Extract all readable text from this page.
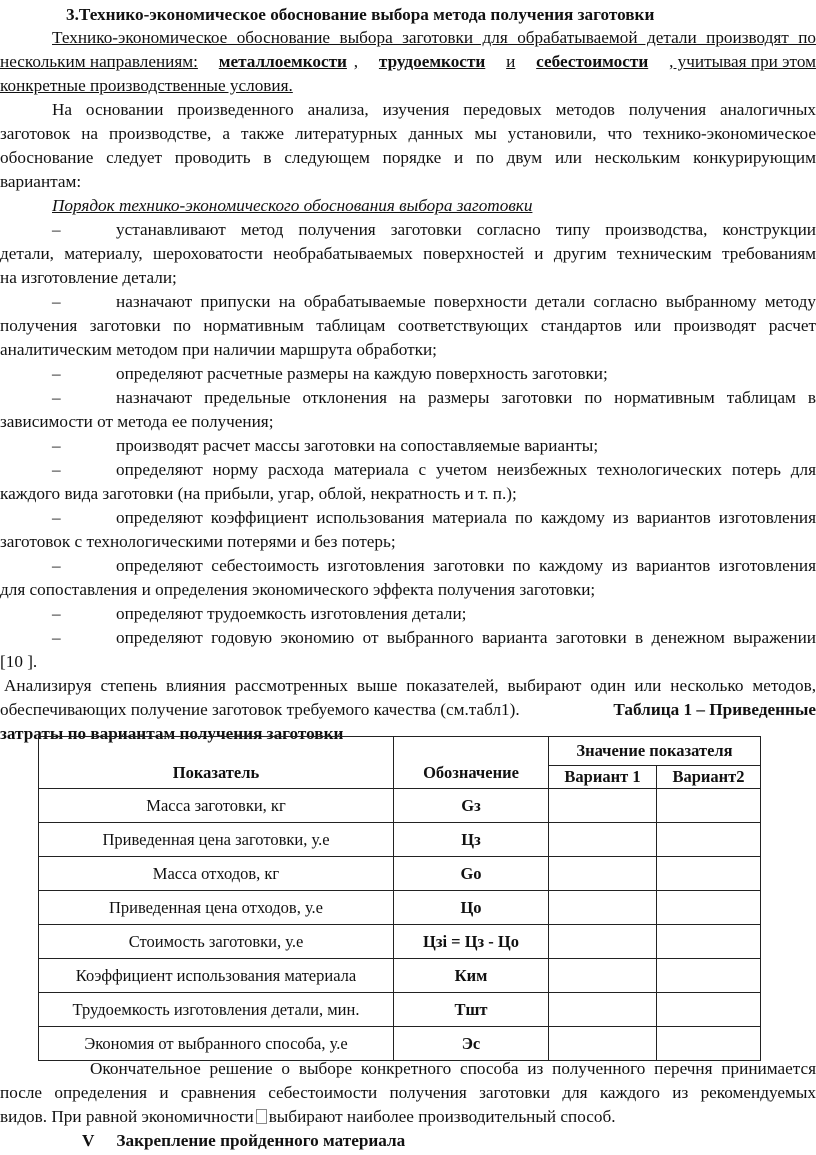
3.Технико-экономическое обоснование выбора метода получения заготовки
Технико-экономическое обоснование выбора заготовки для обрабатываемой детали производят по
нескольким направлениям: металлоемкости , трудоемкости и себестоимости , учитывая при этом
конкретные производственные условия.
На основании произведенного анализа, изучения передовых методов получения аналогичных
заготовок на производстве, а также литературных данных мы установили, что технико-экономическое
обоснование следует проводить в следующем порядке и по двум или нескольким конкурирующим
вариантам:
Порядок технико-экономического обоснования выбора заготовки
–	устанавливают метод получения заготовки согласно типу производства, конструкции
детали, материалу, шероховатости необрабатываемых поверхностей и другим техническим требованиям
на изготовление детали;
–	назначают припуски на обрабатываемые поверхности детали согласно выбранному методу
получения заготовки по нормативным таблицам соответствующих стандартов или производят расчет
аналитическим методом при наличии маршрута обработки;
–	определяют расчетные размеры на каждую поверхность заготовки;
–	назначают предельные отклонения на размеры заготовки по нормативным таблицам в
зависимости от метода ее получения;
–	производят расчет массы заготовки на сопоставляемые варианты;
–	определяют норму расхода материала с учетом неизбежных технологических потерь для
каждого вида заготовки (на прибыли, угар, облой, некратность и т. п.);
–	определяют коэффициент использования материала по каждому из вариантов изготовления
заготовок с технологическими потерями и без потерь;
–	определяют себестоимость изготовления заготовки по каждому из вариантов изготовления
для сопоставления и определения экономического эффекта получения заготовки;
–	определяют трудоемкость изготовления детали;
–	определяют годовую экономию от выбранного варианта заготовки в денежном выражении
[10 ].
Анализируя степень влияния рассмотренных выше показателей, выбирают один или несколько методов,
обеспечивающих получение заготовок требуемого качества (см.табл1).	Таблица 1 – Приведенные
затраты по вариантам получения заготовки
Показатель	Обозначение	Значение показателя	
		Вариант 1	Вариант2
Масса заготовки, кг	Gз		
Приведенная цена заготовки, у.е	Цз		
Масса отходов, кг	Gо		
Приведенная цена отходов, у.е	Цо		
Стоимость заготовки, у.е	Цзi = Цз - Цо		
Коэффициент использования материала	Ким		
Трудоемкость изготовления детали, мин.	Тшт		
Экономия от выбранного способа, у.е	Эс		
Окончательное решение о выборе конкретного способа из полученного перечня принимается
после определения и сравнения себестоимости получения заготовки для каждого из рекомендуемых
видов. При равной экономичности выбирают наиболее производительный способ.
V Закрепление пройденного материала
